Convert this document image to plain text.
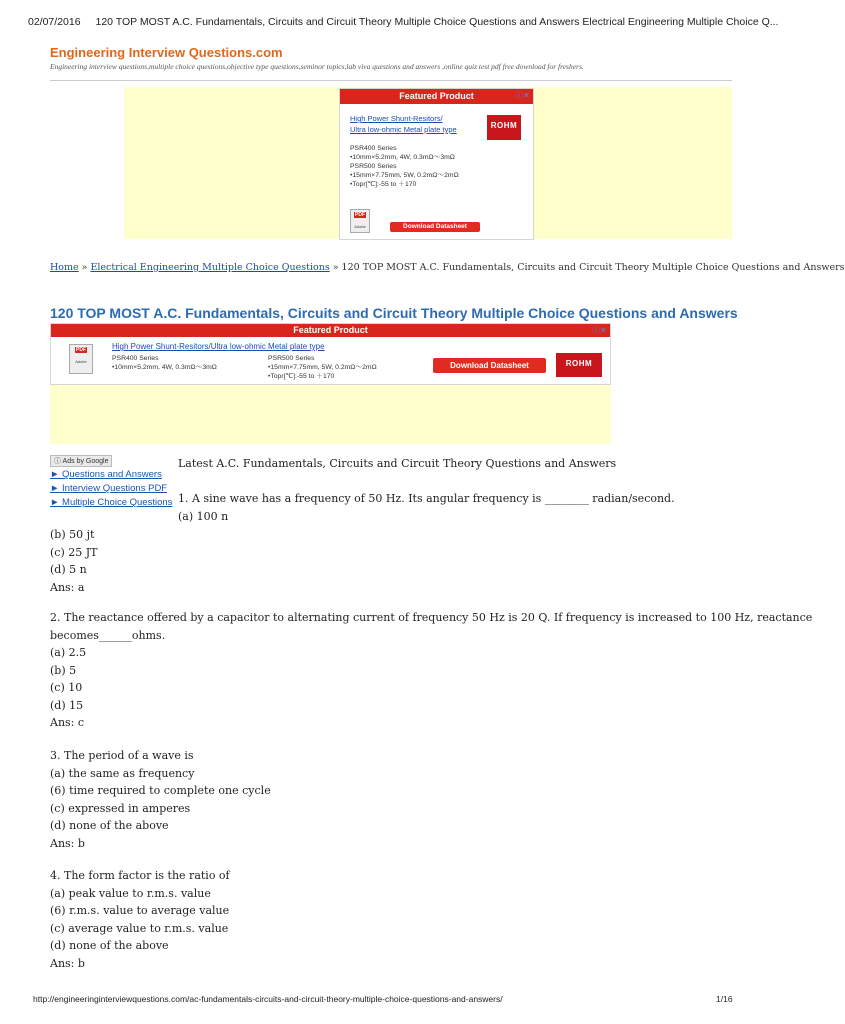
02/07/2016 120 TOP MOST A.C. Fundamentals, Circuits and Circuit Theory Multiple Choice Questions and Answers Electrical Engineering Multiple Choice Q...
Engineering Interview Questions.com
Engineering interview questions,multiple choice questions,objective type questions,seminor topics,lab viva questions and answers ,online quiz test pdf free download for freshers.
Featured Product	ⓘ✕
High Power Shunt-Resitors/
Ultra low-ohmic Metal plate type	ROHM
PSR400 Series
•10mm×5.2mm, 4W, 0.3mΩ〜3mΩ
PSR500 Series
•15mm×7.75mm, 5W, 0.2mΩ〜2mΩ
•Topr[℃]:-55 to ＋170
PDF
Adobe	Download Datasheet
Home » Electrical Engineering Multiple Choice Questions » 120 TOP MOST A.C. Fundamentals, Circuits and Circuit Theory Multiple Choice Questions and Answers
120 TOP MOST A.C. Fundamentals, Circuits and Circuit Theory Multiple Choice Questions and Answers
Featured Product	ⓘ✕
PDF
Adobe
High Power Shunt-Resitors/Ultra low-ohmic Metal plate type
PSR400 Series
•10mm×5.2mm, 4W, 0.3mΩ〜3mΩ
PSR500 Series
•15mm×7.75mm, 5W, 0.2mΩ〜2mΩ
•Topr[℃]:-55 to ＋170
Download Datasheet	ROHM
ⓘ Ads by Google
► Questions and Answers
► Interview Questions PDF
► Multiple Choice Questions
Latest A.C. Fundamentals, Circuits and Circuit Theory Questions and Answers
1. A sine wave has a frequency of 50 Hz. Its angular frequency is ________ radian/second.
(a) 100 n
(b) 50 jt
(c) 25 JT
(d) 5 n
Ans: a
2. The reactance offered by a capacitor to alternating current of frequency 50 Hz is 20 Q. If frequency is increased to 100 Hz, reactance
becomes______ohms.
(a) 2.5
(b) 5
(c) 10
(d) 15
Ans: c
3. The period of a wave is
(a) the same as frequency
(6) time required to complete one cycle
(c) expressed in amperes
(d) none of the above
Ans: b
4. The form factor is the ratio of
(a) peak value to r.m.s. value
(6) r.m.s. value to average value
(c) average value to r.m.s. value
(d) none of the above
Ans: b
http://engineeringinterviewquestions.com/ac-fundamentals-circuits-and-circuit-theory-multiple-choice-questions-and-answers/	1/16
